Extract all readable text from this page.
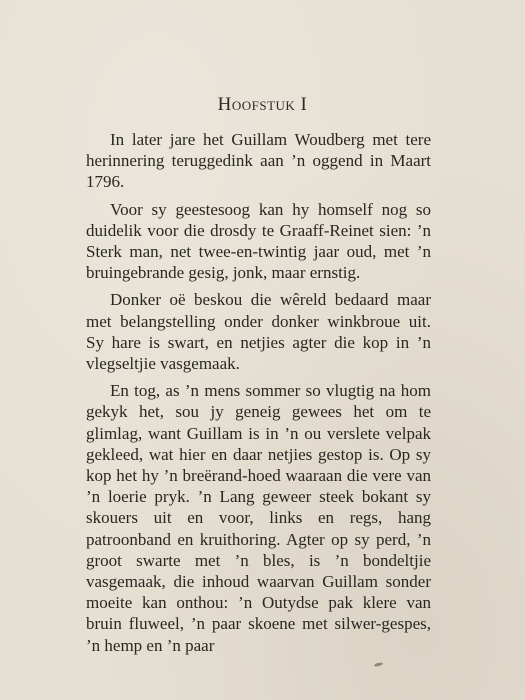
Hoofstuk I

In later jare het Guillam Woudberg met tere herinnering teruggedink aan ’n oggend in Maart 1796.

Voor sy geestesoog kan hy homself nog so duidelik voor die drosdy te Graaff-Reinet sien: ’n Sterk man, net twee-en-twintig jaar oud, met ’n bruingebrande gesig, jonk, maar ernstig.

Donker oë beskou die wêreld bedaard maar met belangstelling onder donker winkbroue uit. Sy hare is swart, en netjies agter die kop in ’n vlegseltjie vasgemaak.

En tog, as ’n mens sommer so vlugtig na hom gekyk het, sou jy geneig gewees het om te glimlag, want Guillam is in ’n ou verslete velpak gekleed, wat hier en daar netjies gestop is. Op sy kop het hy ’n breërand-hoed waaraan die vere van ’n loerie pryk. ’n Lang geweer steek bokant sy skouers uit en voor, links en regs, hang patroonband en kruithoring. Agter op sy perd, ’n groot swarte met ’n bles, is ’n bondeltjie vasgemaak, die inhoud waarvan Guillam sonder moeite kan onthou: ’n Outydse pak klere van bruin fluweel, ’n paar skoene met silwer-gespes, ’n hemp en ’n paar
